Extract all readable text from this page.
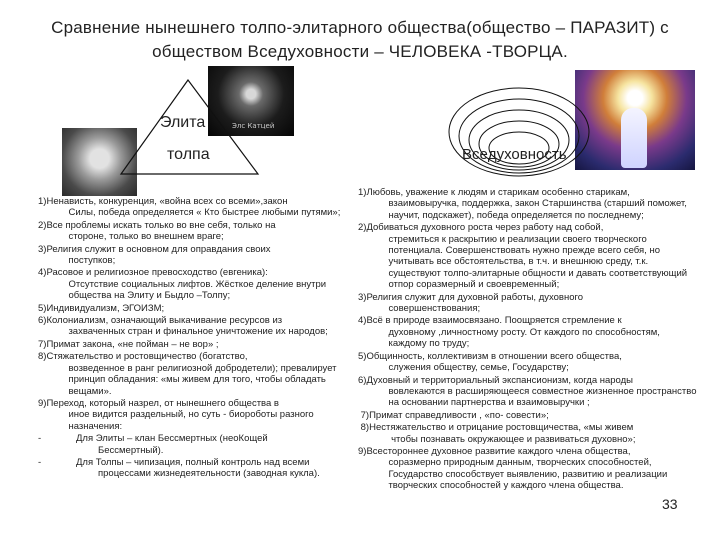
Сравнение нынешнего толпо-элитарного общества(общество – ПАРАЗИТ) с обществом Всeдуховности – ЧЕЛОВЕКА -ТВОРЦА.
Элс Катцей
Элита
толпа	Всeдуховность
1) Ненависть, конкуренция, «война всех со всеми»,закон
Силы, победа определяется « Кто быстрее любыми путями»;
2) Все проблемы искать только во вне себя, только на
стороне, только во внешнем враге;
3) Религия служит в основном для оправдания своих
поступков;
4) Расовое и религиозное превосходство (евгеника):
Отсутствие социальных лифтов. Жёсткое деление внутри общества на Элиту и Быдло –Толпу;
5) Индивидуализм, ЭГОИЗМ;
6) Колониализм, означающий выкачивание ресурсов из
захваченных стран и финальное уничтожение их народов;
7) Примат закона, «не пойман – не вор» ;
8) Стяжательство и ростовщичество (богатство,
возведенное в ранг религиозной добродетели); превалирует принцип обладания: «мы живем для того, чтобы обладать вещами».
9) Переход, который назрел, от нынешнего общества в
иное видится раздельный, но суть - биороботы разного назначения:
-	Для Элиты – клан Бессмертных (неоКощей
Бессмертный).
-	Для Толпы – чипизация, полный контроль над всеми
процессами жизнедеятельности (заводная кукла).
1) Любовь, уважение к людям и старикам особенно старикам,
взаимовыручка, поддержка, закон Старшинства (старший поможет, научит, подскажет), победа определяется по последнему;
2) Добиваться духовного роста через работу над собой,
стремиться к раскрытию и реализации своего творческого потенциала. Совершенствовать нужно прежде всего себя, но учитывать все обстоятельства, в т.ч. и внешнюю среду, т.к. существуют толпо-элитарные общности и давать соответствующий отпор соразмерный и своевременный;
3) Религия служит для духовной работы, духовного
совершенствования;
4) Всё в природе взаимосвязано. Поощряется стремление к
духовному ,личностному росту. От каждого по способностям, каждому по труду;
5) Общинность, коллективизм в отношении всего общества,
служения обществу, семье, Государству;
6) Духовный и территориальный экспансионизм, когда народы
вовлекаются в расширяющееся совместное жизненное пространство на основании партнерства и взаимовыручки ;
7) Примат справедливости , «по- совести»;
8) Нестяжательство и отрицание ростовщичества, «мы живем
чтобы познавать окружающее и развиваться духовно»;
9) Всестороннее духовное развитие каждого члена общества,
соразмерно природным данным, творческих способностей, Государство способствует выявлению, развитию и реализации творческих способностей у каждого члена общества.
33
